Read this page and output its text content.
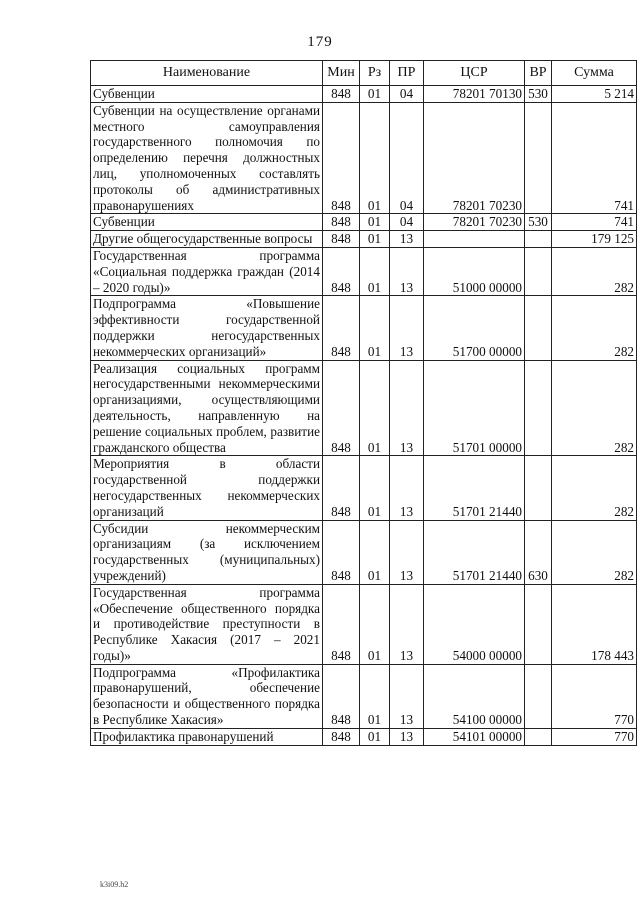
179
Наименование	Мин	Рз	ПР	ЦСР	ВР	Сумма
Субвенции	848	01	04	78201 70130	530	5 214
Субвенции на осуществление органами местного самоуправления государственного полномочия по определению перечня должностных лиц, уполномоченных составлять протоколы об административных правонарушениях	848	01	04	78201 70230		741
Субвенции	848	01	04	78201 70230	530	741
Другие общегосударственные вопросы	848	01	13			179 125
Государственная программа «Социальная поддержка граждан (2014 – 2020 годы)»	848	01	13	51000 00000		282
Подпрограмма «Повышение эффективности государственной поддержки негосударственных некоммерческих организаций»	848	01	13	51700 00000		282
Реализация социальных программ негосударственными некоммерческими организациями, осуществляющими деятельность, направленную на решение социальных проблем, развитие гражданского общества	848	01	13	51701 00000		282
Мероприятия в области государственной поддержки негосударственных некоммерческих организаций	848	01	13	51701 21440		282
Субсидии некоммерческим организациям (за исключением государственных (муниципальных) учреждений)	848	01	13	51701 21440	630	282
Государственная программа «Обеспечение общественного порядка и противодействие преступности в Республике Хакасия (2017 – 2021 годы)»	848	01	13	54000 00000		178 443
Подпрограмма «Профилактика правонарушений, обеспечение безопасности и общественного порядка в Республике Хакасия»	848	01	13	54100 00000		770
Профилактика правонарушений	848	01	13	54101 00000		770
k3i09.h2
